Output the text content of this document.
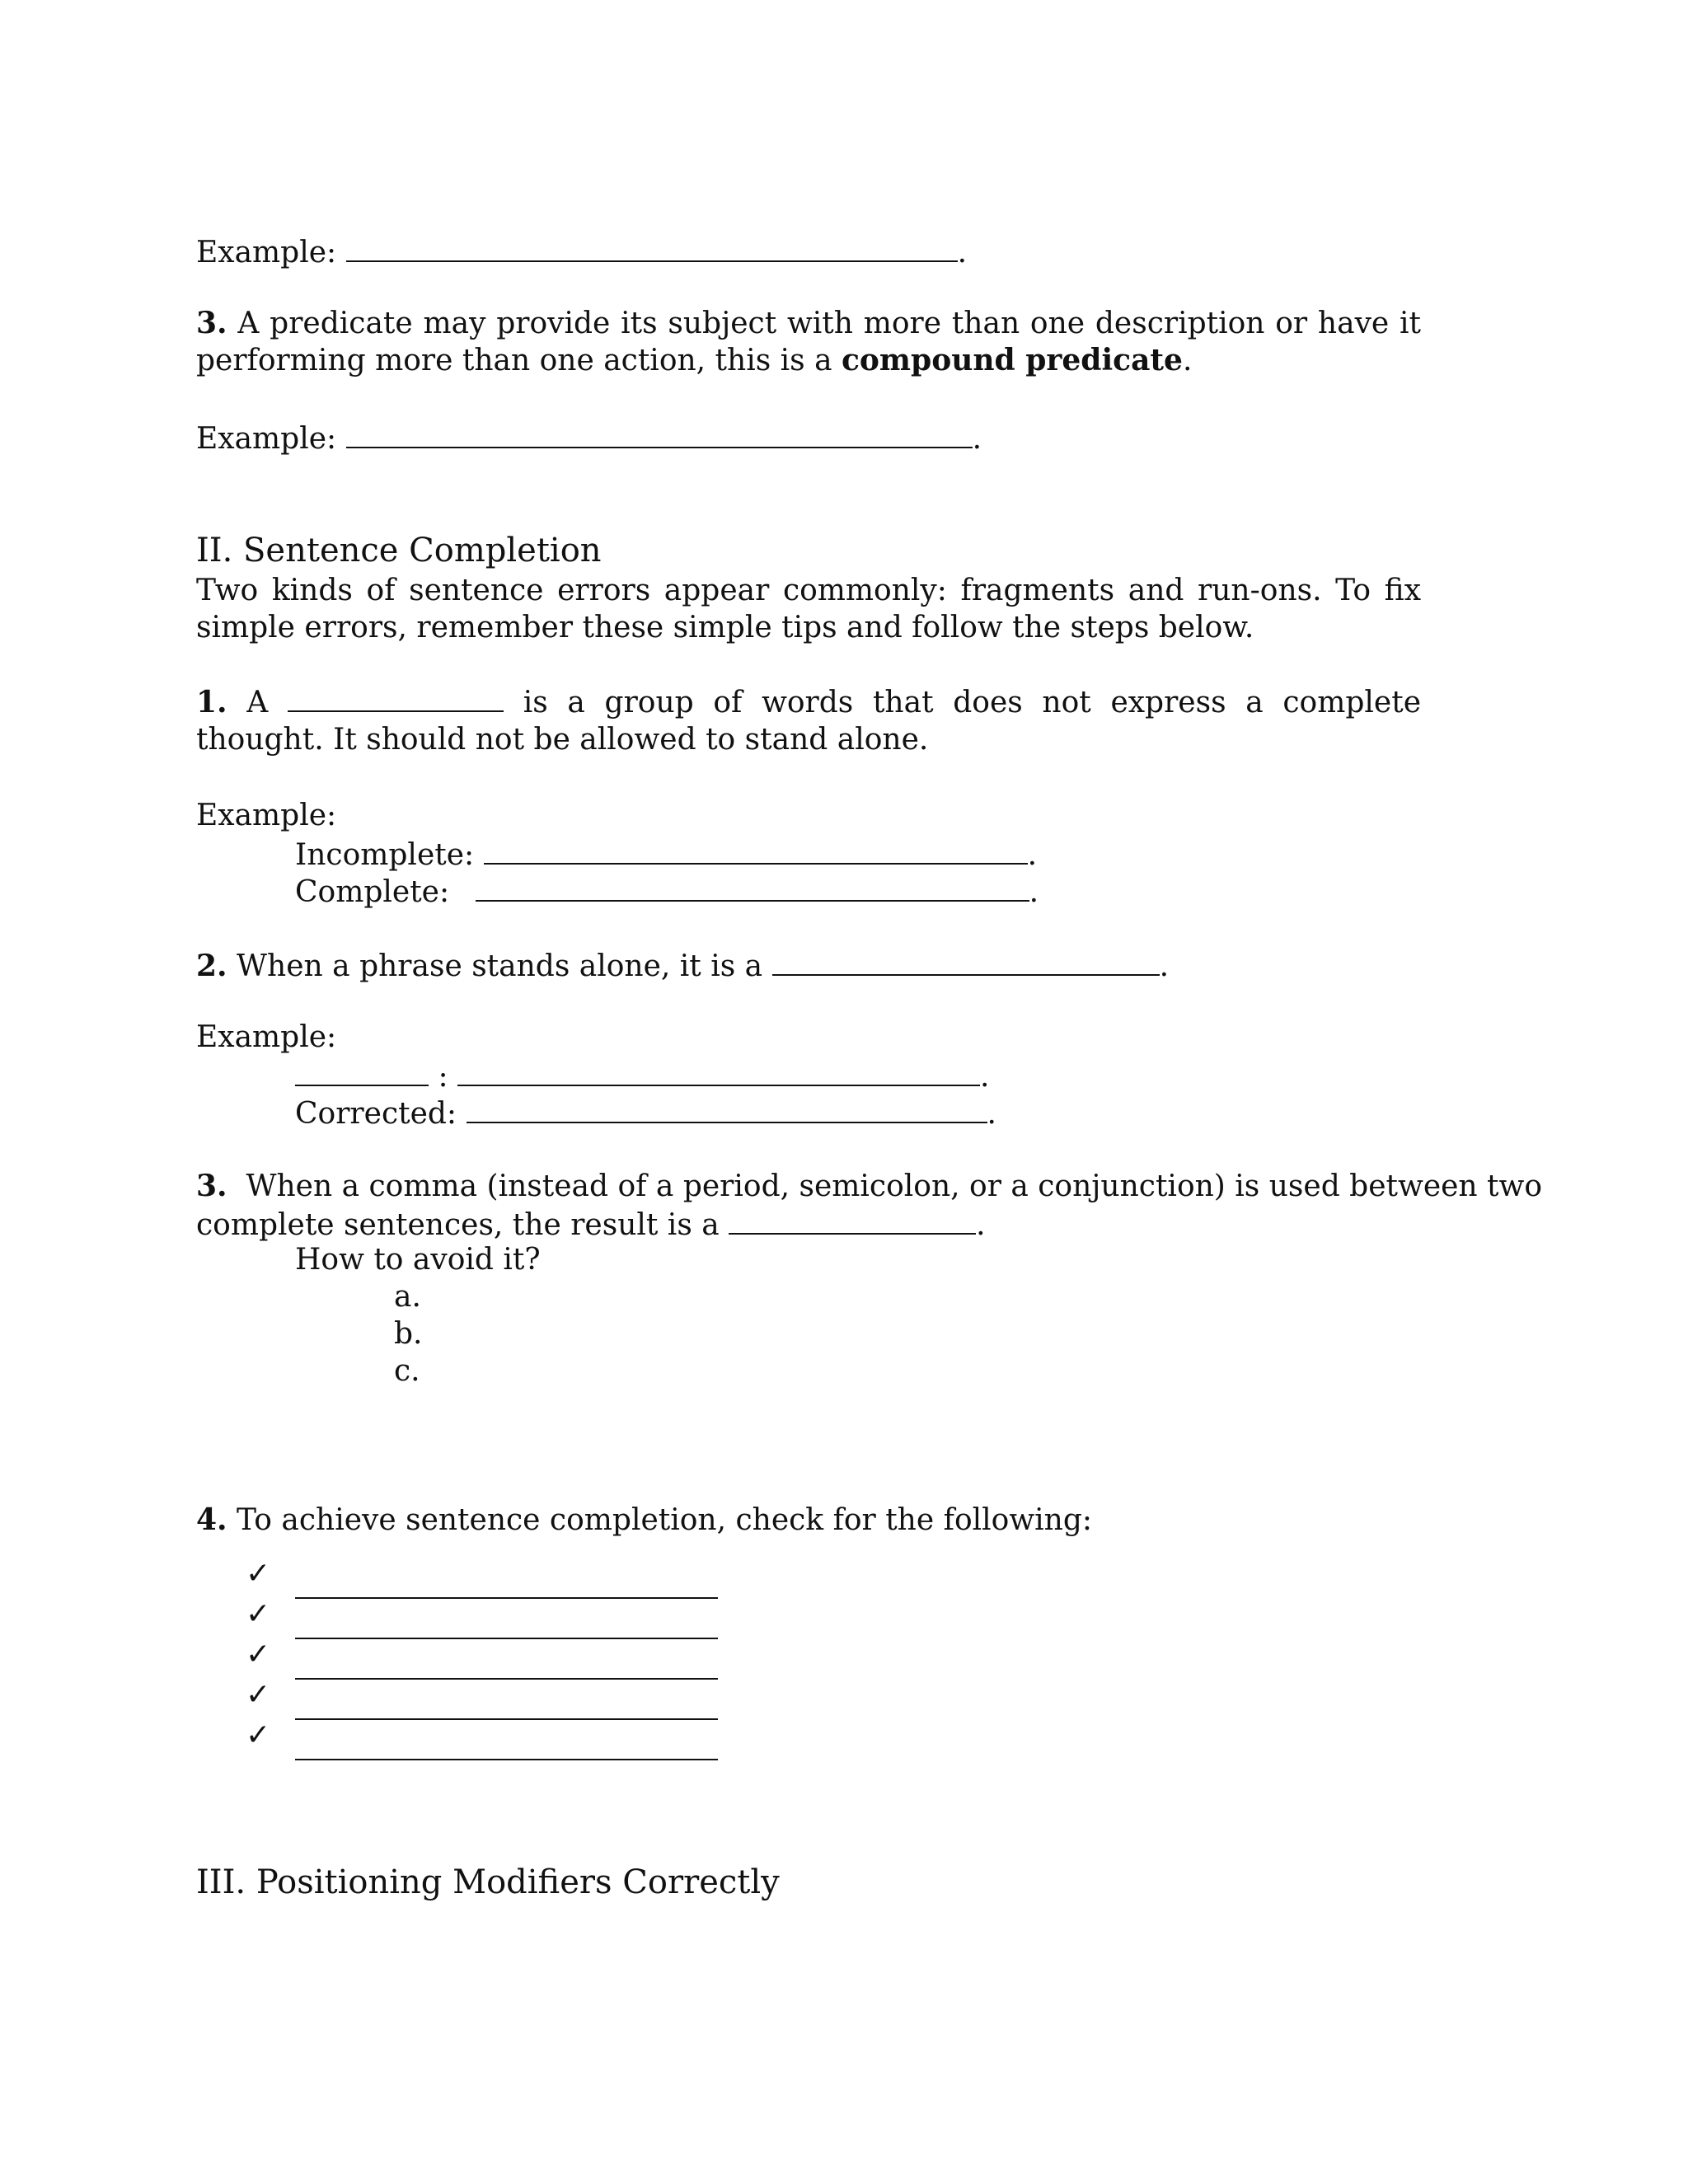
Example:	.
3. A predicate may provide its subject with more than one description or have it performing more than one action, this is a compound predicate.
Example:	.
II. Sentence Completion
Two kinds of sentence errors appear commonly: fragments and run-ons. To fix simple errors, remember these simple tips and follow the steps below.
1. A	is a group of words that does not express a complete thought. It should not be allowed to stand alone.
Example:
Incomplete:	.
Complete:	.
2. When a phrase stands alone, it is a	.
Example:
:	.
Corrected:	.
3. When a comma (instead of a period, semicolon, or a conjunction) is used between two
complete sentences, the result is a	.
How to avoid it?
a.
b.
c.
4. To achieve sentence completion, check for the following:
✓
✓
✓
✓
✓
III. Positioning Modifiers Correctly
